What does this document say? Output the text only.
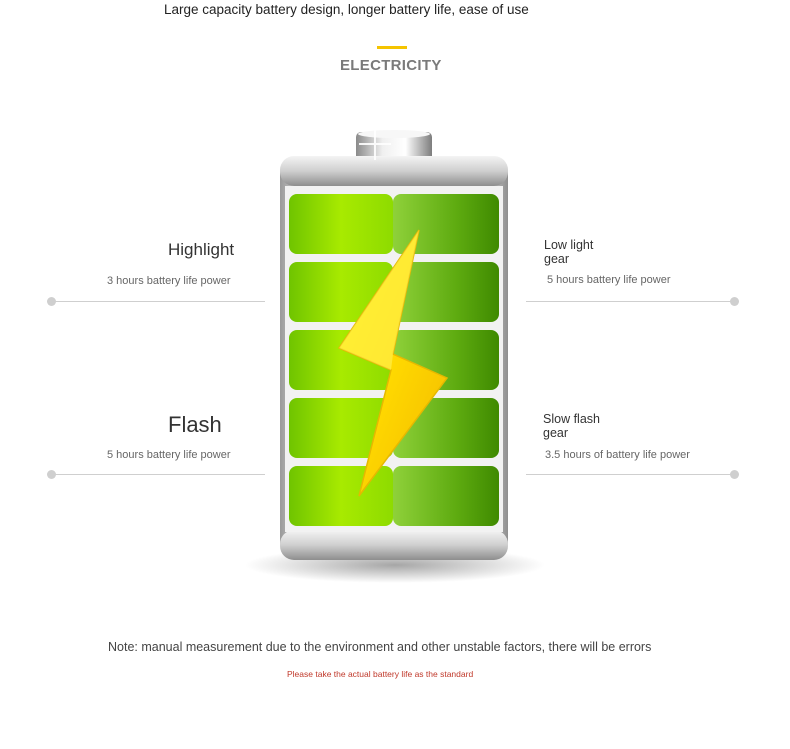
Large capacity battery design, longer battery life, ease of use
ELECTRICITY
Highlight
3 hours battery life power
Flash
5 hours battery life power
Low light gear
5 hours battery life power
Slow flash gear
3.5 hours of battery life power
Note: manual measurement due to the environment and other unstable factors, there will be errors
Please take the actual battery life as the standard
